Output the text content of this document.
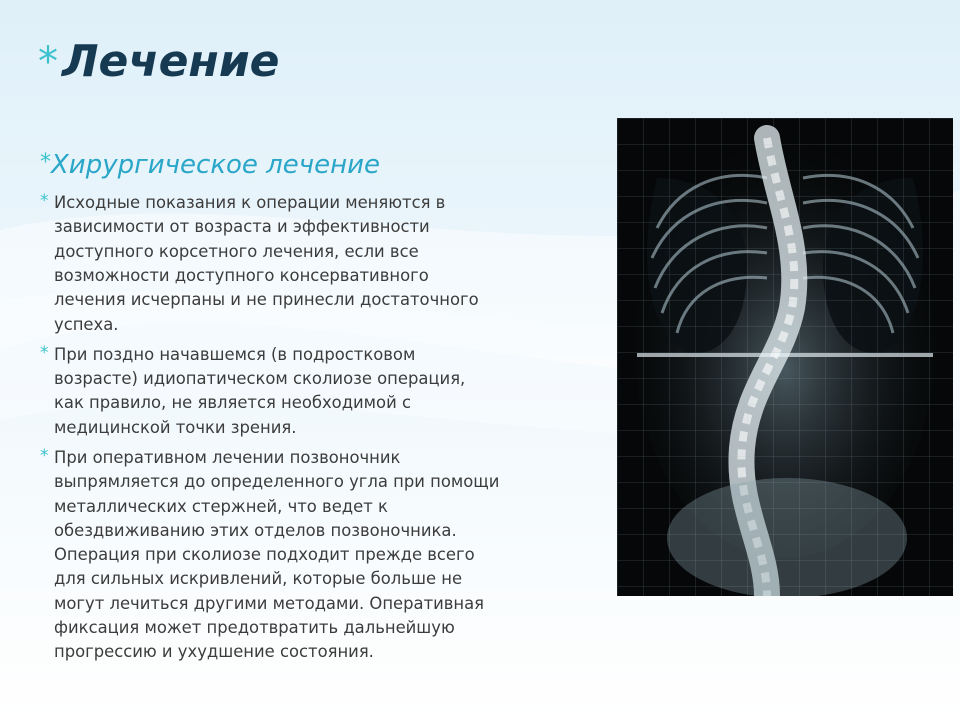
* Лечение
* Хирургическое лечение
* Исходные показания к операции меняются в
зависимости от возраста и эффективности
доступного корсетного лечения, если все
возможности доступного консервативного
лечения исчерпаны и не принесли достаточного
успеха.
* При поздно начавшемся (в подростковом
возрасте) идиопатическом сколиозе операция,
как правило, не является необходимой с
медицинской точки зрения.
* При оперативном лечении позвоночник
выпрямляется до определенного угла при помощи
металлических стержней, что ведет к
обездвиживанию этих отделов позвоночника.
Операция при сколиозе подходит прежде всего
для сильных искривлений, которые больше не
могут лечиться другими методами. Оперативная
фиксация может предотвратить дальнейшую
прогрессию и ухудшение состояния.
